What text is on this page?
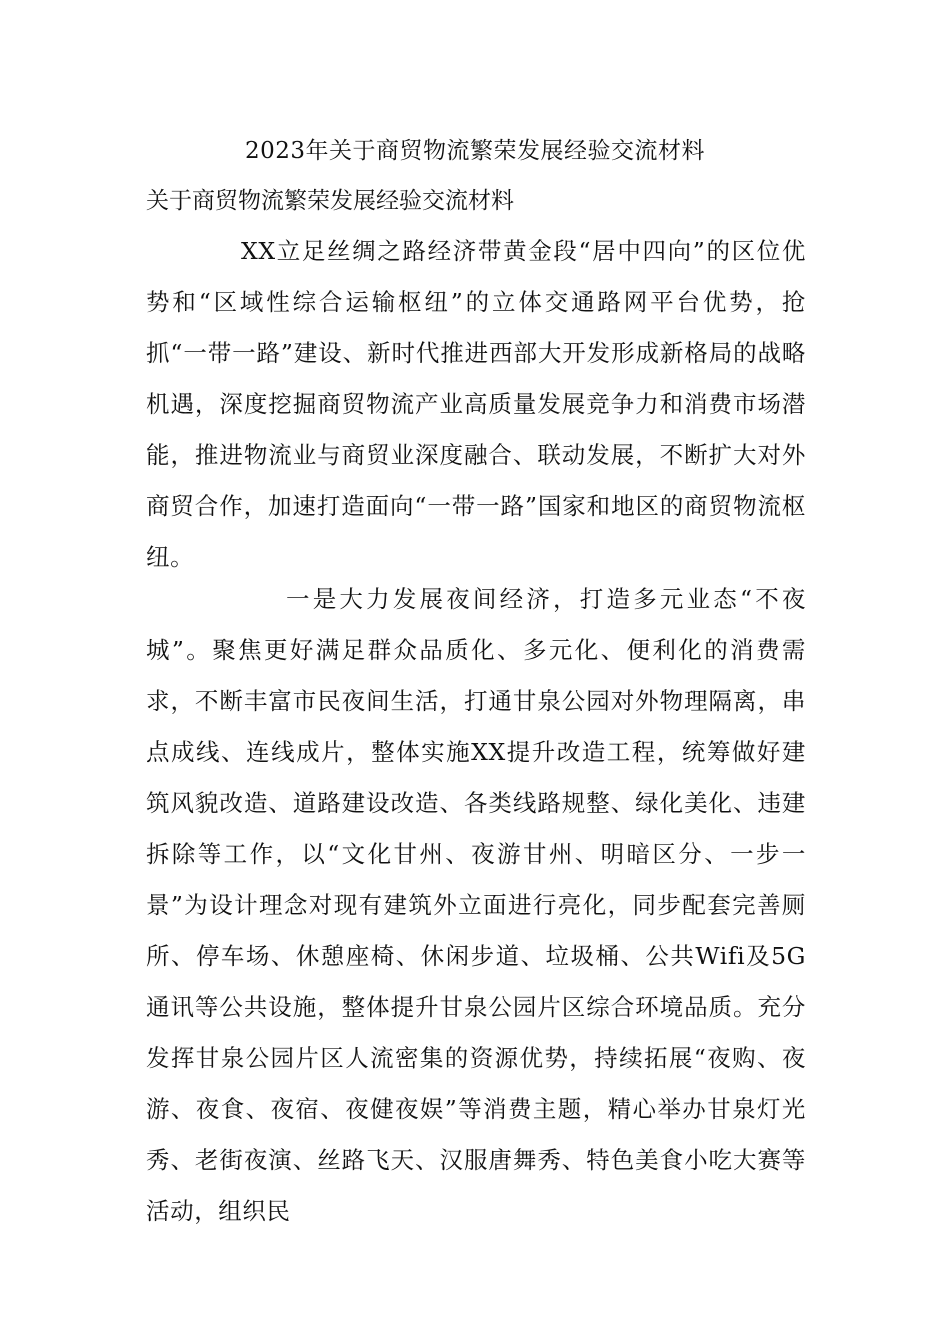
2023年关于商贸物流繁荣发展经验交流材料
关于商贸物流繁荣发展经验交流材料

XX立足丝绸之路经济带黄金段“居中四向”的区位优势和“区域性综合运输枢纽”的立体交通路网平台优势，抢抓“一带一路”建设、新时代推进西部大开发形成新格局的战略机遇，深度挖掘商贸物流产业高质量发展竞争力和消费市场潜能，推进物流业与商贸业深度融合、联动发展，不断扩大对外商贸合作，加速打造面向“一带一路”国家和地区的商贸物流枢纽。

一是大力发展夜间经济，打造多元业态“不夜城”。聚焦更好满足群众品质化、多元化、便利化的消费需求，不断丰富市民夜间生活，打通甘泉公园对外物理隔离，串点成线、连线成片，整体实施XX提升改造工程，统筹做好建筑风貌改造、道路建设改造、各类线路规整、绿化美化、违建拆除等工作，以“文化甘州、夜游甘州、明暗区分、一步一景”为设计理念对现有建筑外立面进行亮化，同步配套完善厕所、停车场、休憩座椅、休闲步道、垃圾桶、公共Wifi及5G通讯等公共设施，整体提升甘泉公园片区综合环境品质。充分发挥甘泉公园片区人流密集的资源优势，持续拓展“夜购、夜游、夜食、夜宿、夜健夜娱”等消费主题，精心举办甘泉灯光秀、老街夜演、丝路飞天、汉服唐舞秀、特色美食小吃大赛等活动，组织民
